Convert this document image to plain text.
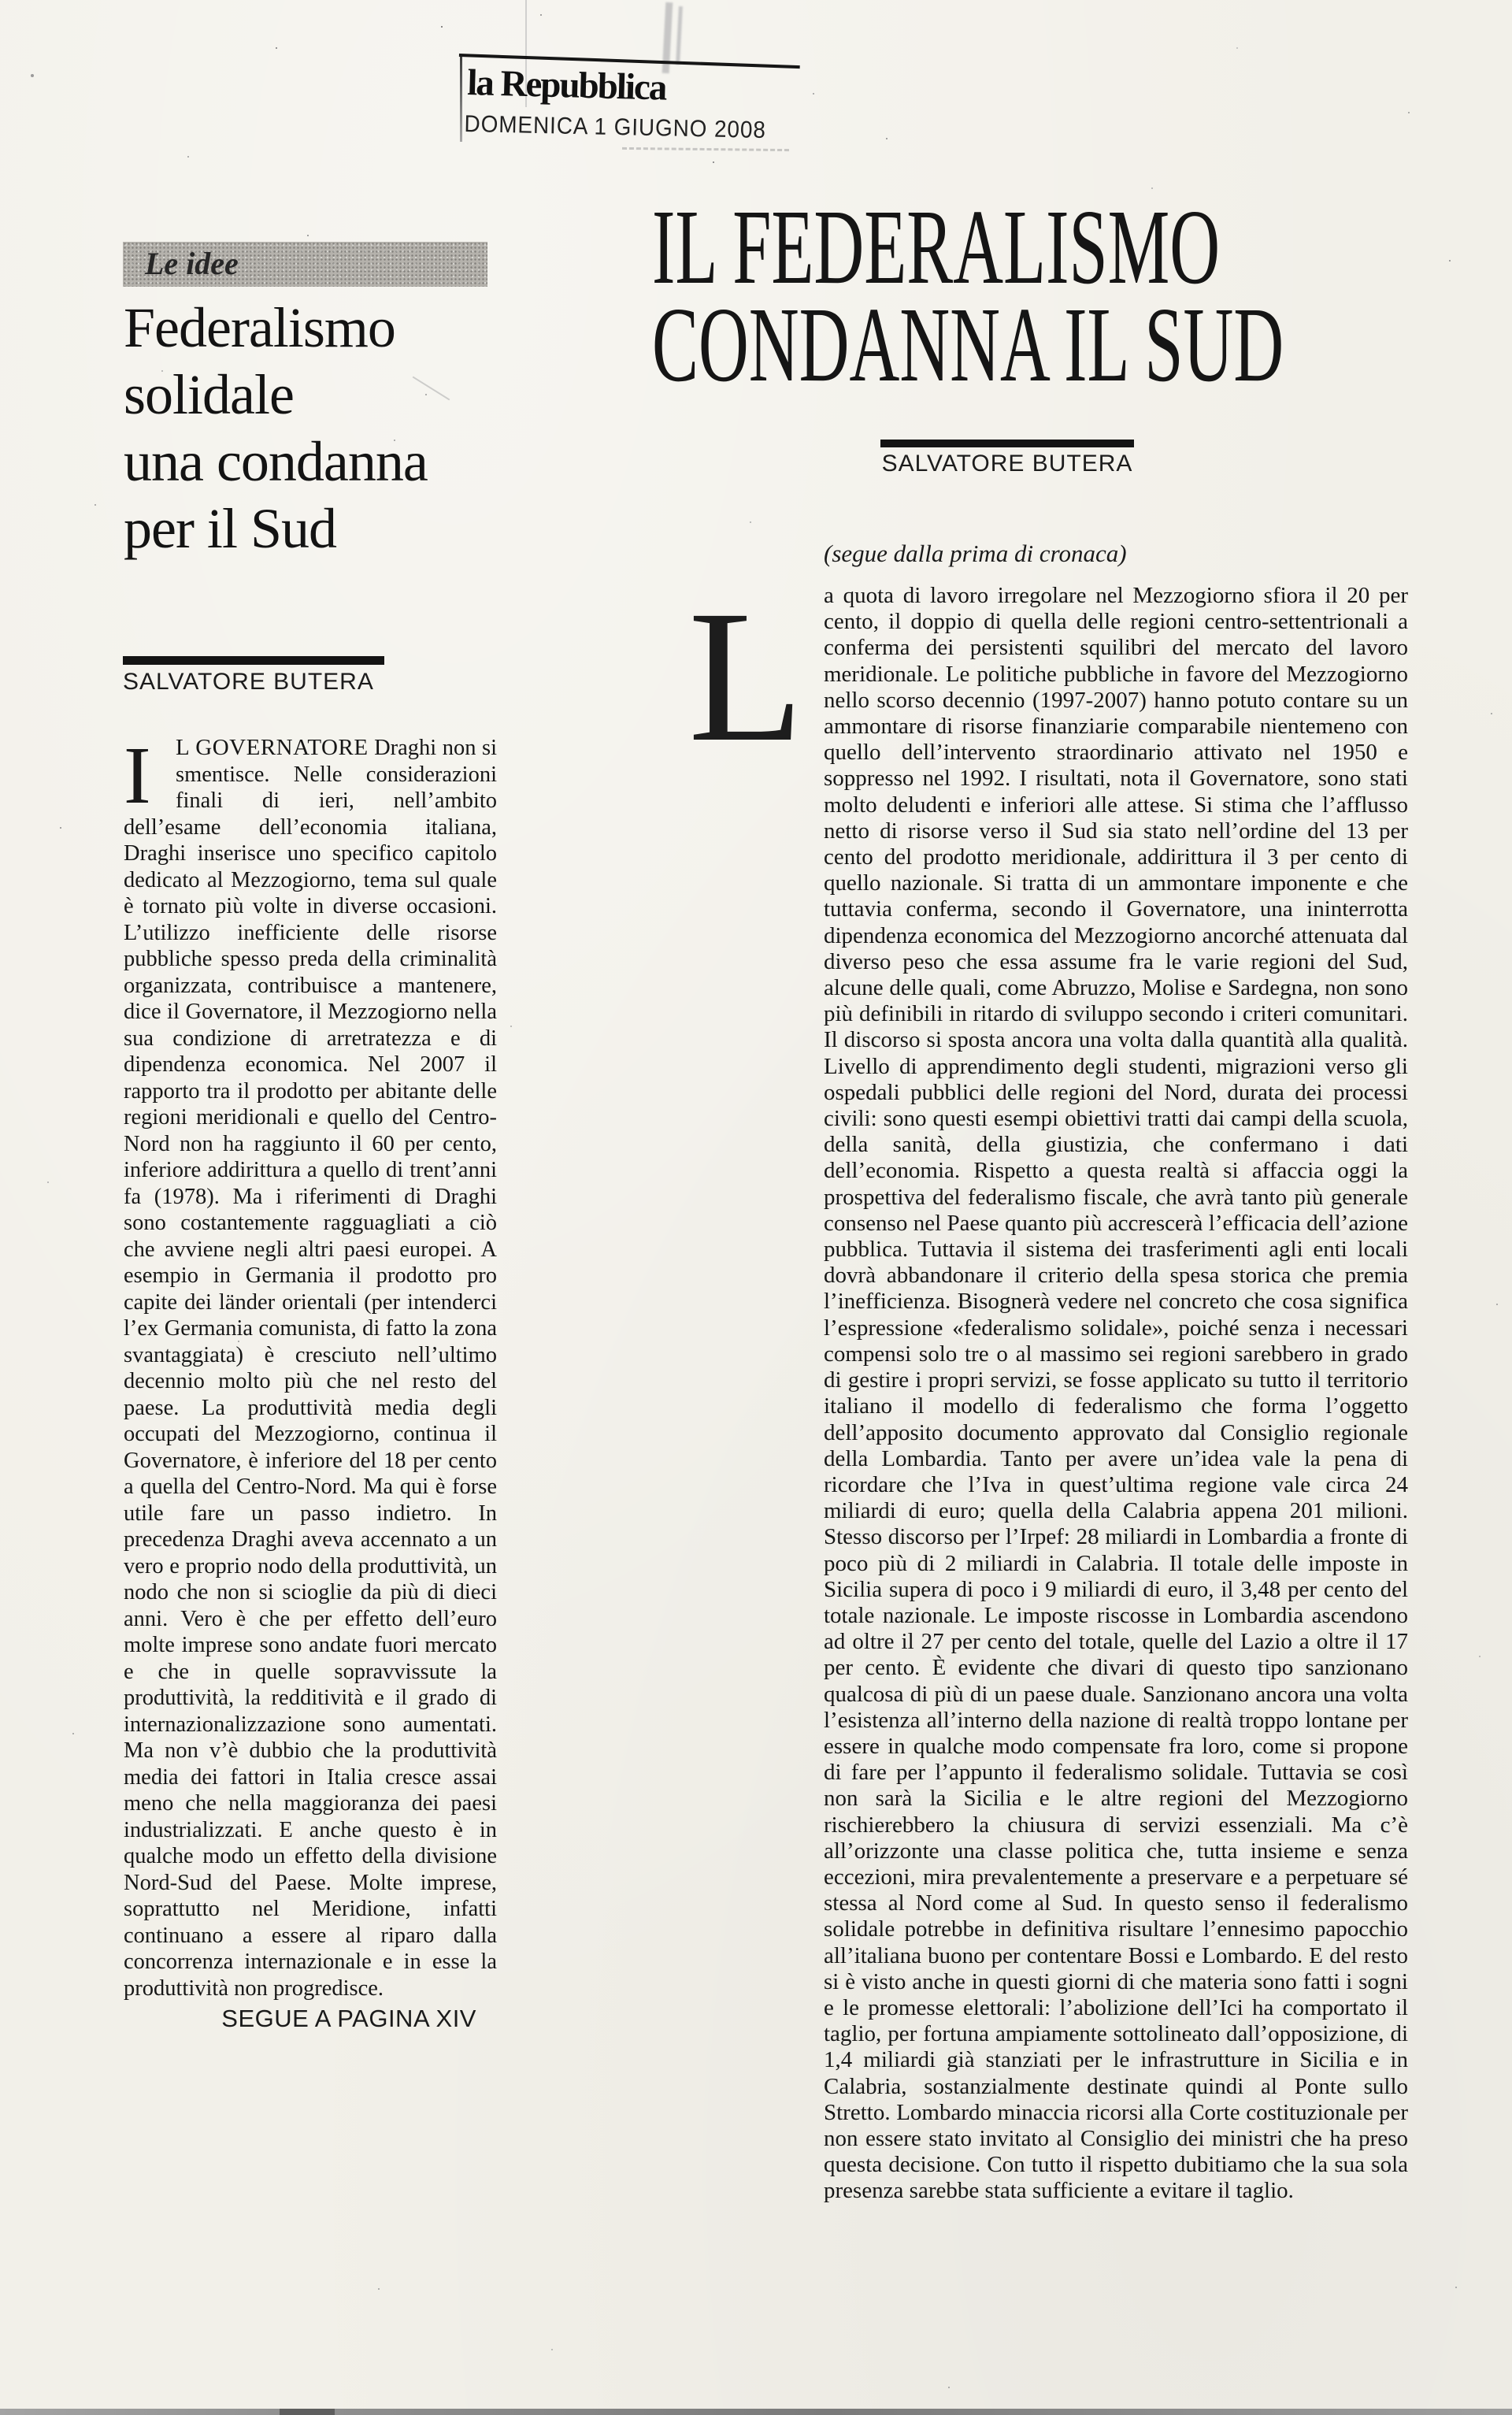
la Repubblica
DOMENICA 1 GIUGNO 2008
Le idee
Federalismo
solidale
una condanna
per il Sud
SALVATORE BUTERA

I	L GOVERNATORE Draghi non si smentisce. Nelle considerazioni finali di ieri, nell’ambito dell’esame dell’economia italiana, Draghi inserisce uno specifico capitolo dedicato al Mezzogiorno, tema sul quale è tornato più volte in diverse occasioni. L’utilizzo inefficiente delle risorse pubbliche spesso preda della criminalità organizzata, contribuisce a mantenere, dice il Governatore, il Mezzogiorno nella sua condizione di arretratezza e di dipendenza economica. Nel 2007 il rapporto tra il prodotto per abitante delle regioni meridionali e quello del Centro-Nord non ha raggiunto il 60 per cento, inferiore addirittura a quello di trent’anni fa (1978). Ma i riferimenti di Draghi sono costantemente ragguagliati a ciò che avviene negli altri paesi europei. A esempio in Germania il prodotto pro capite dei länder orientali (per intenderci l’ex Germania comunista, di fatto la zona svantaggiata) è cresciuto nell’ultimo decennio molto più che nel resto del paese. La produttività media degli occupati del Mezzogiorno, continua il Governatore, è inferiore del 18 per cento a quella del Centro-Nord. Ma qui è forse utile fare un passo indietro. In precedenza Draghi aveva accennato a un vero e proprio nodo della produttività, un nodo che non si scioglie da più di dieci anni. Vero è che per effetto dell’euro molte imprese sono andate fuori mercato e che in quelle sopravvissute la produttività, la redditività e il grado di internazionalizzazione sono aumentati. Ma non v’è dubbio che la produttività media dei fattori in Italia cresce assai meno che nella maggioranza dei paesi industrializzati. E anche questo è in qualche modo un effetto della divisione Nord-Sud del Paese. Molte imprese, soprattutto nel Meridione, infatti continuano a essere al riparo dalla concorrenza internazionale e in esse la produttività non progredisce.

SEGUE A PAGINA XIV
IL FEDERALISMO
CONDANNA IL SUD
SALVATORE BUTERA
(segue dalla prima di cronaca)
L a quota di lavoro irregolare nel Mezzogiorno sfiora il 20 per cento, il doppio di quella delle regioni centro-settentrionali a conferma dei persistenti squilibri del mercato del lavoro meridionale. Le politiche pubbliche in favore del Mezzogiorno nello scorso decennio (1997-2007) hanno potuto contare su un ammontare di risorse finanziarie comparabile nientemeno con quello dell’intervento straordinario attivato nel 1950 e soppresso nel 1992. I risultati, nota il Governatore, sono stati molto deludenti e inferiori alle attese. Si stima che l’afflusso netto di risorse verso il Sud sia stato nell’ordine del 13 per cento del prodotto meridionale, addirittura il 3 per cento di quello nazionale. Si tratta di un ammontare imponente e che tuttavia conferma, secondo il Governatore, una ininterrotta dipendenza economica del Mezzogiorno ancorché attenuata dal diverso peso che essa assume fra le varie regioni del Sud, alcune delle quali, come Abruzzo, Molise e Sardegna, non sono più definibili in ritardo di sviluppo secondo i criteri comunitari. Il discorso si sposta ancora una volta dalla quantità alla qualità. Livello di apprendimento degli studenti, migrazioni verso gli ospedali pubblici delle regioni del Nord, durata dei processi civili: sono questi esempi obiettivi tratti dai campi della scuola, della sanità, della giustizia, che confermano i dati dell’economia. Rispetto a questa realtà si affaccia oggi la prospettiva del federalismo fiscale, che avrà tanto più generale consenso nel Paese quanto più accrescerà l’efficacia dell’azione pubblica. Tuttavia il sistema dei trasferimenti agli enti locali dovrà abbandonare il criterio della spesa storica che premia l’inefficienza. Bisognerà vedere nel concreto che cosa significa l’espressione «federalismo solidale», poiché senza i necessari compensi solo tre o al massimo sei regioni sarebbero in grado di gestire i propri servizi, se fosse applicato su tutto il territorio italiano il modello di federalismo che forma l’oggetto dell’apposito documento approvato dal Consiglio regionale della Lombardia. Tanto per avere un’idea vale la pena di ricordare che l’Iva in quest’ultima regione vale circa 24 miliardi di euro; quella della Calabria appena 201 milioni. Stesso discorso per l’Irpef: 28 miliardi in Lombardia a fronte di poco più di 2 miliardi in Calabria. Il totale delle imposte in Sicilia supera di poco i 9 miliardi di euro, il 3,48 per cento del totale nazionale. Le imposte riscosse in Lombardia ascendono ad oltre il 27 per cento del totale, quelle del Lazio a oltre il 17 per cento. È evidente che divari di questo tipo sanzionano qualcosa di più di un paese duale. Sanzionano ancora una volta l’esistenza all’interno della nazione di realtà troppo lontane per essere in qualche modo compensate fra loro, come si propone di fare per l’appunto il federalismo solidale. Tuttavia se così non sarà la Sicilia e le altre regioni del Mezzogiorno rischierebbero la chiusura di servizi essenziali. Ma c’è all’orizzonte una classe politica che, tutta insieme e senza eccezioni, mira prevalentemente a preservare e a perpetuare sé stessa al Nord come al Sud. In questo senso il federalismo solidale potrebbe in definitiva risultare l’ennesimo papocchio all’italiana buono per contentare Bossi e Lombardo. E del resto si è visto anche in questi giorni di che materia sono fatti i sogni e le promesse elettorali: l’abolizione dell’Ici ha comportato il taglio, per fortuna ampiamente sottolineato dall’opposizione, di 1,4 miliardi già stanziati per le infrastrutture in Sicilia e in Calabria, sostanzialmente destinate quindi al Ponte sullo Stretto. Lombardo minaccia ricorsi alla Corte costituzionale per non essere stato invitato al Consiglio dei ministri che ha preso questa decisione. Con tutto il rispetto dubitiamo che la sua sola presenza sarebbe stata sufficiente a evitare il taglio.
